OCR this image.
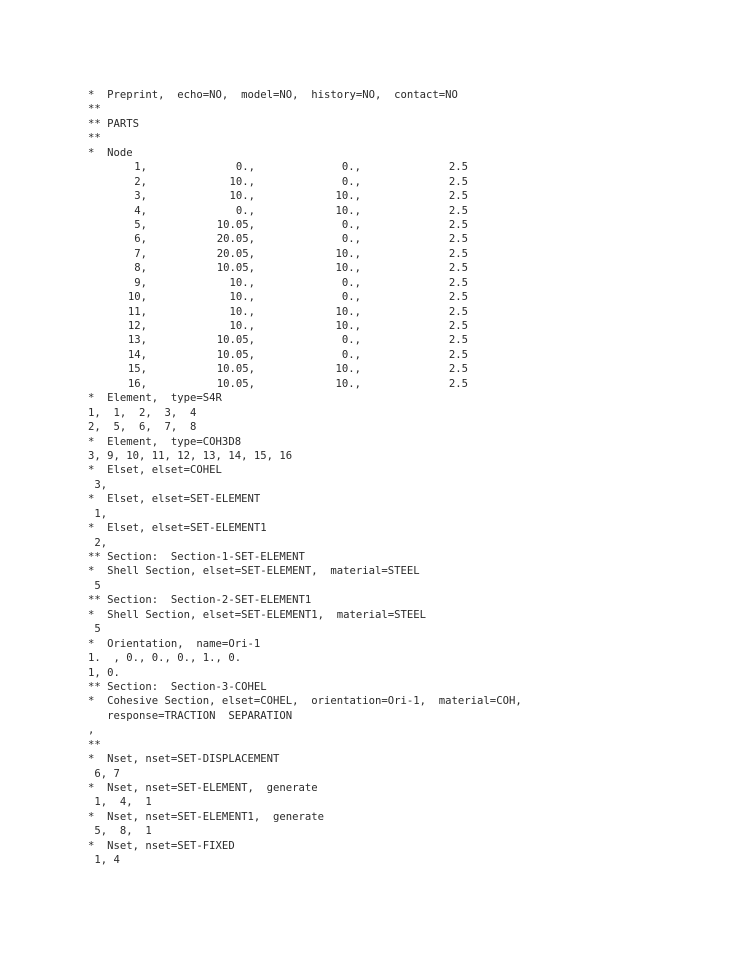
*  Preprint,  echo=NO,  model=NO,  history=NO,  contact=NO
**
** PARTS
**
*  Node
1,	0.,	0.,	2.5
2,	10.,	0.,	2.5
3,	10.,	10.,	2.5
4,	0.,	10.,	2.5
5,	10.05,	0.,	2.5
6,	20.05,	0.,	2.5
7,	20.05,	10.,	2.5
8,	10.05,	10.,	2.5
9,	10.,	0.,	2.5
10,	10.,	0.,	2.5
11,	10.,	10.,	2.5
12,	10.,	10.,	2.5
13,	10.05,	0.,	2.5
14,	10.05,	0.,	2.5
15,	10.05,	10.,	2.5
16,	10.05,	10.,	2.5
*  Element,  type=S4R
1,  1,  2,  3,  4
2,  5,  6,  7,  8
*  Element,  type=COH3D8
3, 9, 10, 11, 12, 13, 14, 15, 16
*  Elset, elset=COHEL
3,
*  Elset, elset=SET-ELEMENT
1,
*  Elset, elset=SET-ELEMENT1
2,
** Section:  Section-1-SET-ELEMENT
*  Shell Section, elset=SET-ELEMENT,  material=STEEL
5
** Section:  Section-2-SET-ELEMENT1
*  Shell Section, elset=SET-ELEMENT1,  material=STEEL
5
*  Orientation,  name=Ori-1
1.  , 0., 0., 0., 1., 0.
1, 0.
** Section:  Section-3-COHEL
*  Cohesive Section, elset=COHEL,  orientation=Ori-1,  material=COH,
response=TRACTION  SEPARATION
,
**
*  Nset, nset=SET-DISPLACEMENT
6, 7
*  Nset, nset=SET-ELEMENT,  generate
1,  4,  1
*  Nset, nset=SET-ELEMENT1,  generate
5,  8,  1
*  Nset, nset=SET-FIXED
1, 4
